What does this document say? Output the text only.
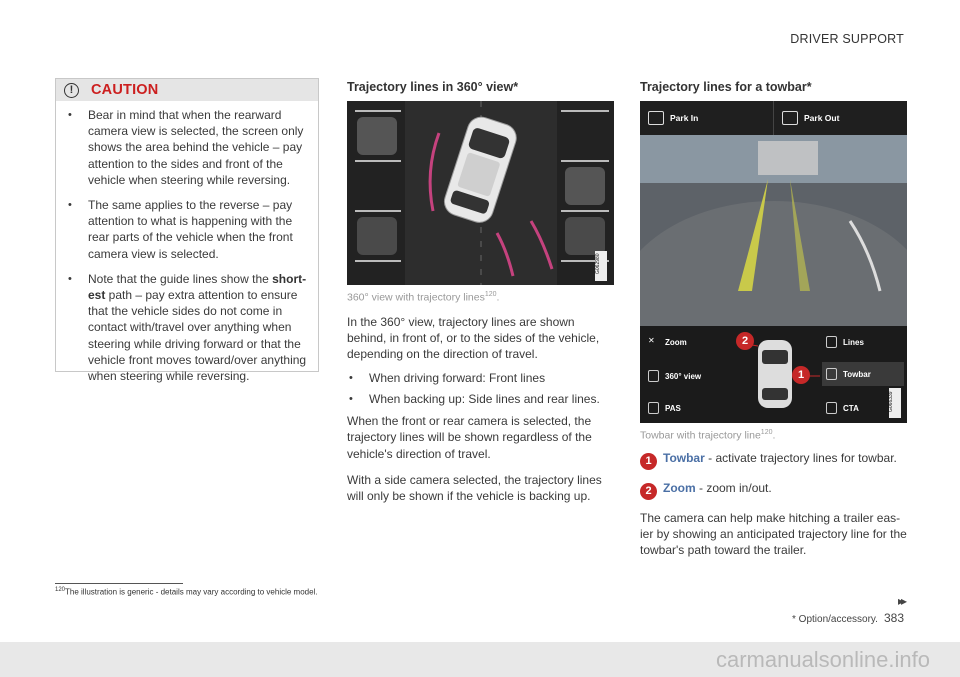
DRIVER SUPPORT
!	CAUTION
• Bear in mind that when the rearward camera view is selected, the screen only shows the area behind the vehicle – pay attention to the sides and front of the vehicle when steering while reversing.
• The same applies to the reverse – pay attention to what is happening with the rear parts of the vehicle when the front camera view is selected.
• Note that the guide lines show the short-est path – pay extra attention to ensure that the vehicle sides do not come in contact with/travel over anything when steering while driving forward or that the vehicle front moves toward/over anything when steering while reversing.
Trajectory lines in 360° view*
G062980
360° view with trajectory lines$^{120}$.

In the 360° view, trajectory lines are shown behind, in front of, or to the sides of the vehicle, depending on the direction of travel.

• When driving forward: Front lines
• When backing up: Side lines and rear lines.

When the front or rear camera is selected, the trajectory lines will be shown regardless of the vehicle's direction of travel.

With a side camera selected, the trajectory lines will only be shown if the vehicle is backing up.

Trajectory lines for a towbar*
Park In	Park Out
✕	Zoom
360° view
PAS
Lines
Towbar
CTA
2
1
G066339
Towbar with trajectory line$^{120}$.
1 Towbar - activate trajectory lines for towbar.
2 Zoom - zoom in/out.

The camera can help make hitching a trailer eas-ier by showing an anticipated trajectory line for the towbar's path toward the trailer.

$^{120}$The illustration is generic - details may vary according to vehicle model.
▸▸
* Option/accessory. 383
carmanualsonline.info
